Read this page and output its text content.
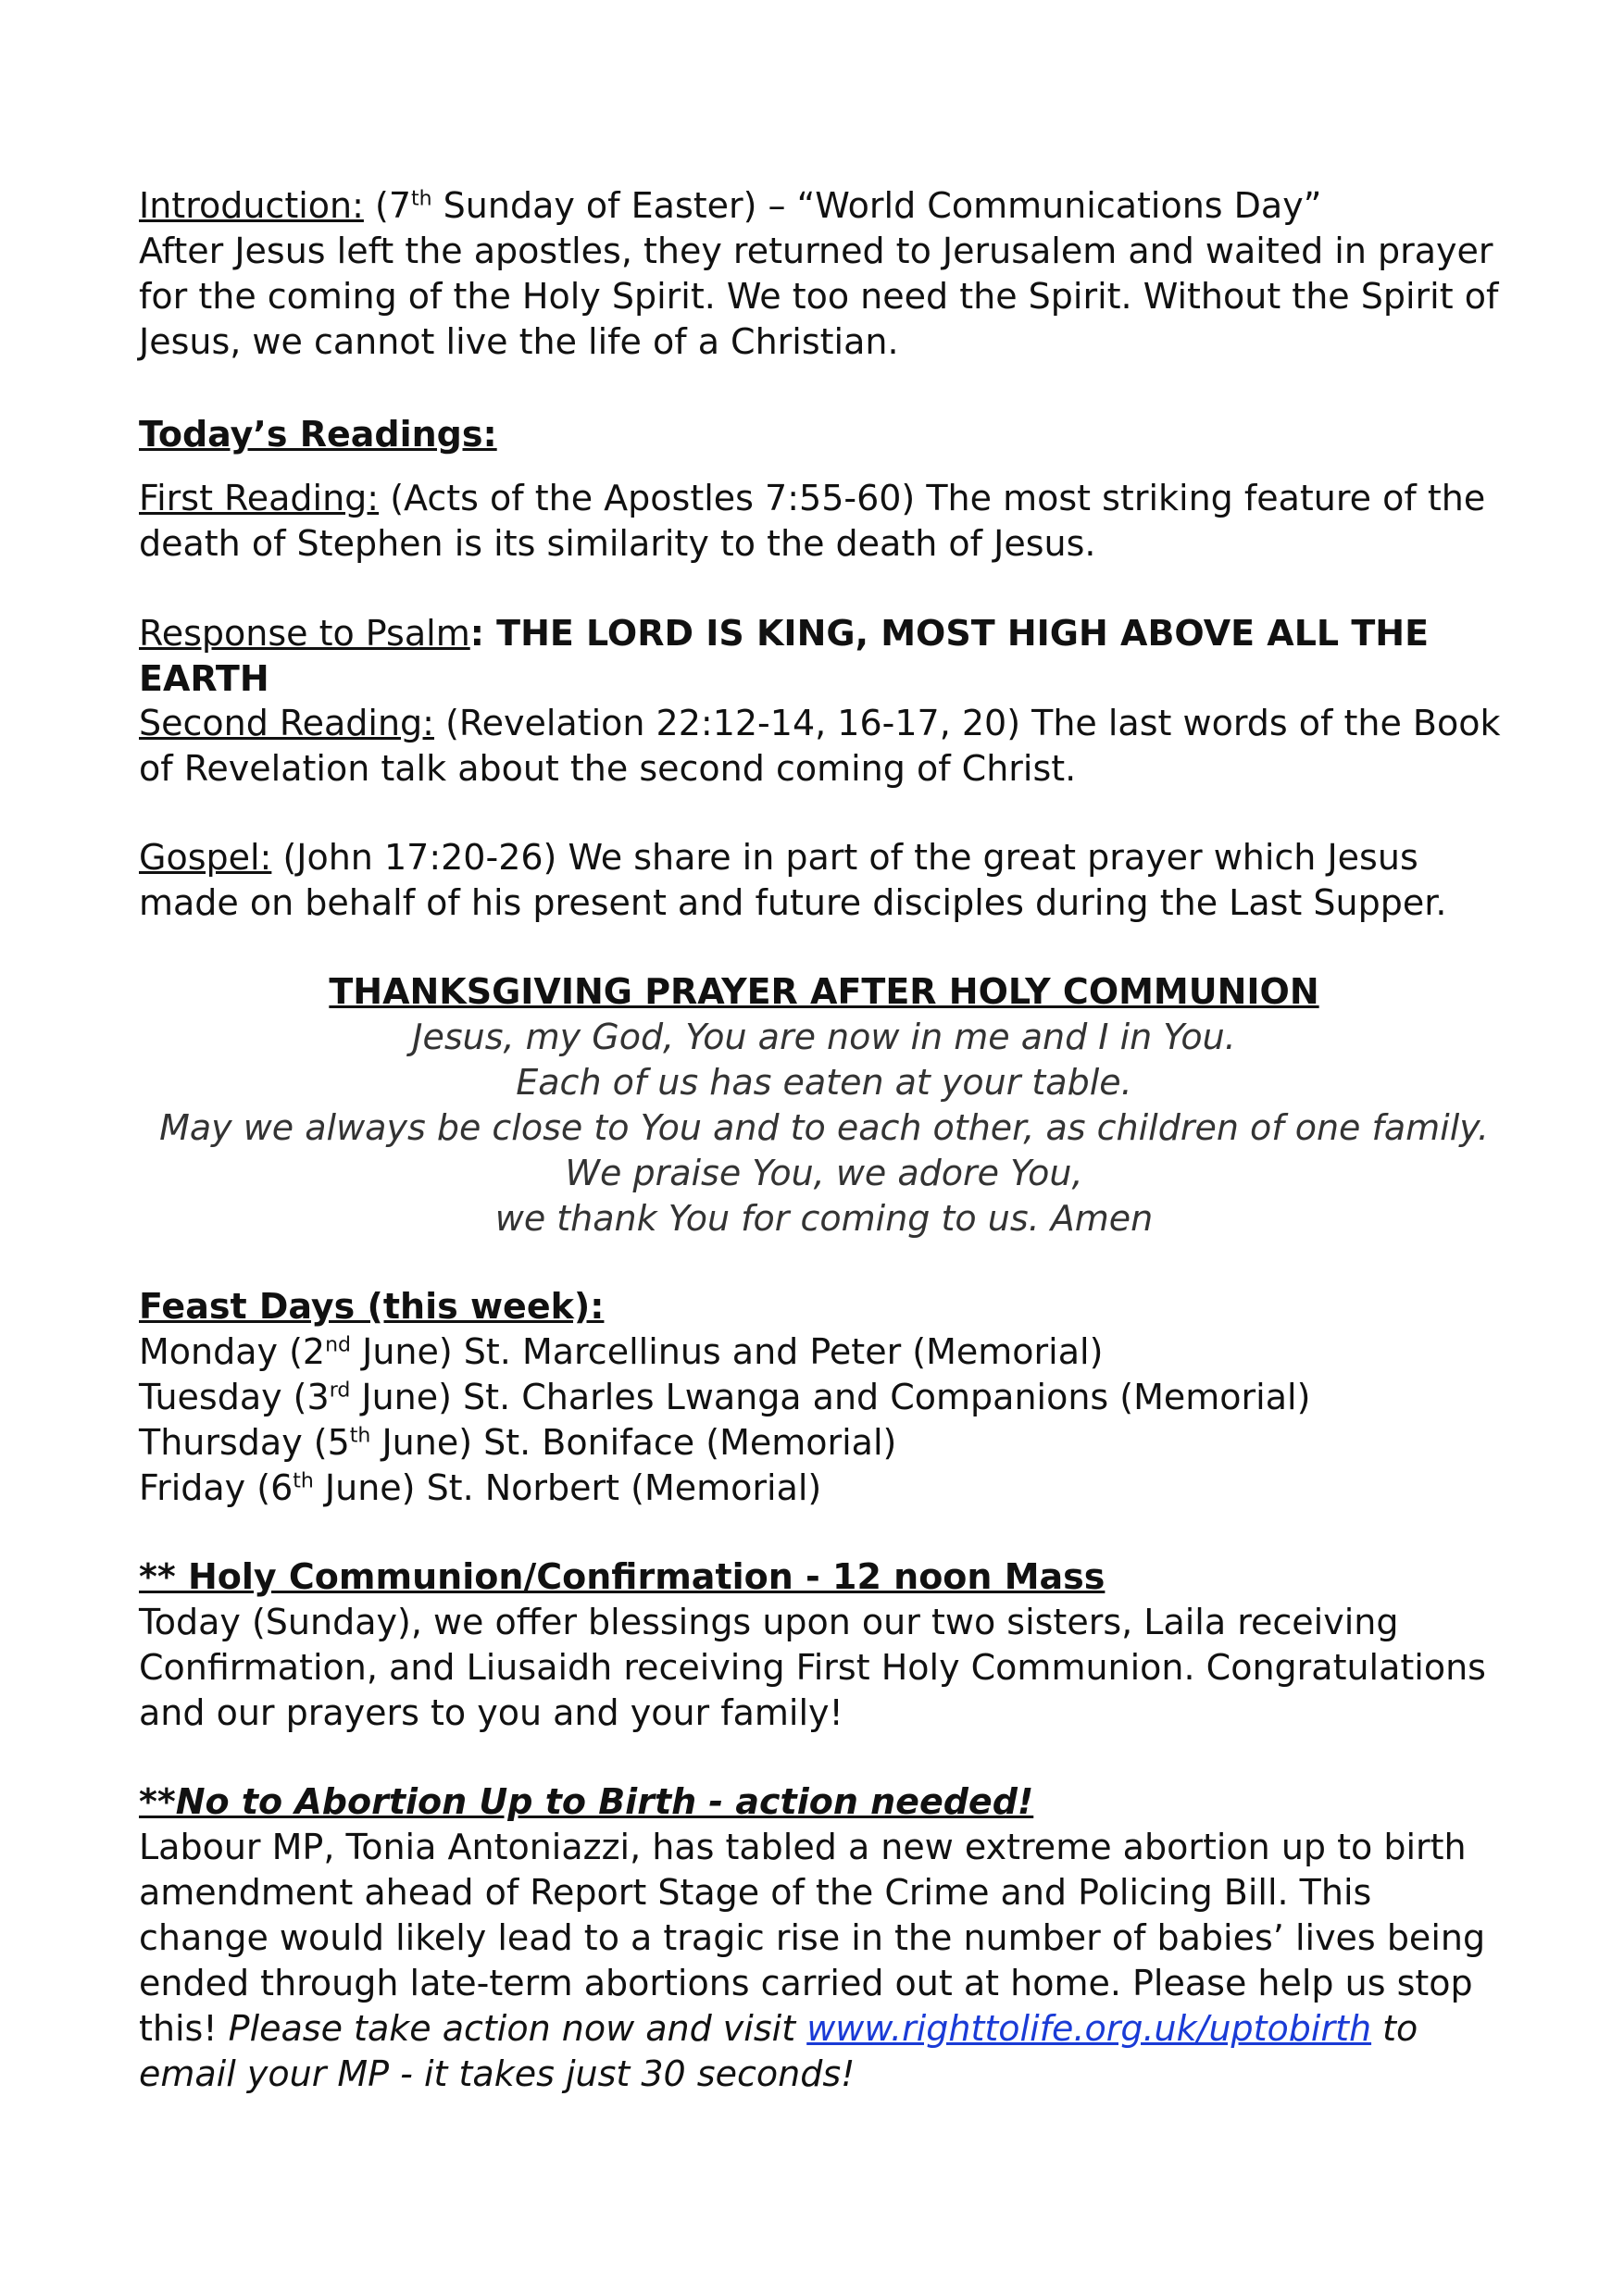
Introduction: (7th Sunday of Easter) – “World Communications Day”

After Jesus left the apostles, they returned to Jerusalem and waited in prayer for the coming of the Holy Spirit. We too need the Spirit. Without the Spirit of Jesus, we cannot live the life of a Christian.

Today’s Readings:

First Reading: (Acts of the Apostles 7:55-60) The most striking feature of the death of Stephen is its similarity to the death of Jesus.

Response to Psalm: THE LORD IS KING, MOST HIGH ABOVE ALL THE EARTH

Second Reading: (Revelation 22:12-14, 16-17, 20) The last words of the Book of Revelation talk about the second coming of Christ.

Gospel: (John 17:20-26) We share in part of the great prayer which Jesus made on behalf of his present and future disciples during the Last Supper.

THANKSGIVING PRAYER AFTER HOLY COMMUNION

Jesus, my God, You are now in me and I in You.

Each of us has eaten at your table.

May we always be close to You and to each other, as children of one family.

We praise You, we adore You,

we thank You for coming to us. Amen

Feast Days (this week):

Monday (2nd June) St. Marcellinus and Peter (Memorial)

Tuesday (3rd June) St. Charles Lwanga and Companions (Memorial)

Thursday (5th June) St. Boniface (Memorial)

Friday (6th June) St. Norbert (Memorial)

** Holy Communion/Confirmation - 12 noon Mass

Today (Sunday), we offer blessings upon our two sisters, Laila receiving Confirmation, and Liusaidh receiving First Holy Communion. Congratulations and our prayers to you and your family!

**No to Abortion Up to Birth - action needed!

Labour MP, Tonia Antoniazzi, has tabled a new extreme abortion up to birth amendment ahead of Report Stage of the Crime and Policing Bill. This change would likely lead to a tragic rise in the number of babies’ lives being ended through late-term abortions carried out at home. Please help us stop this! Please take action now and visit www.righttolife.org.uk/uptobirth to email your MP - it takes just 30 seconds!
